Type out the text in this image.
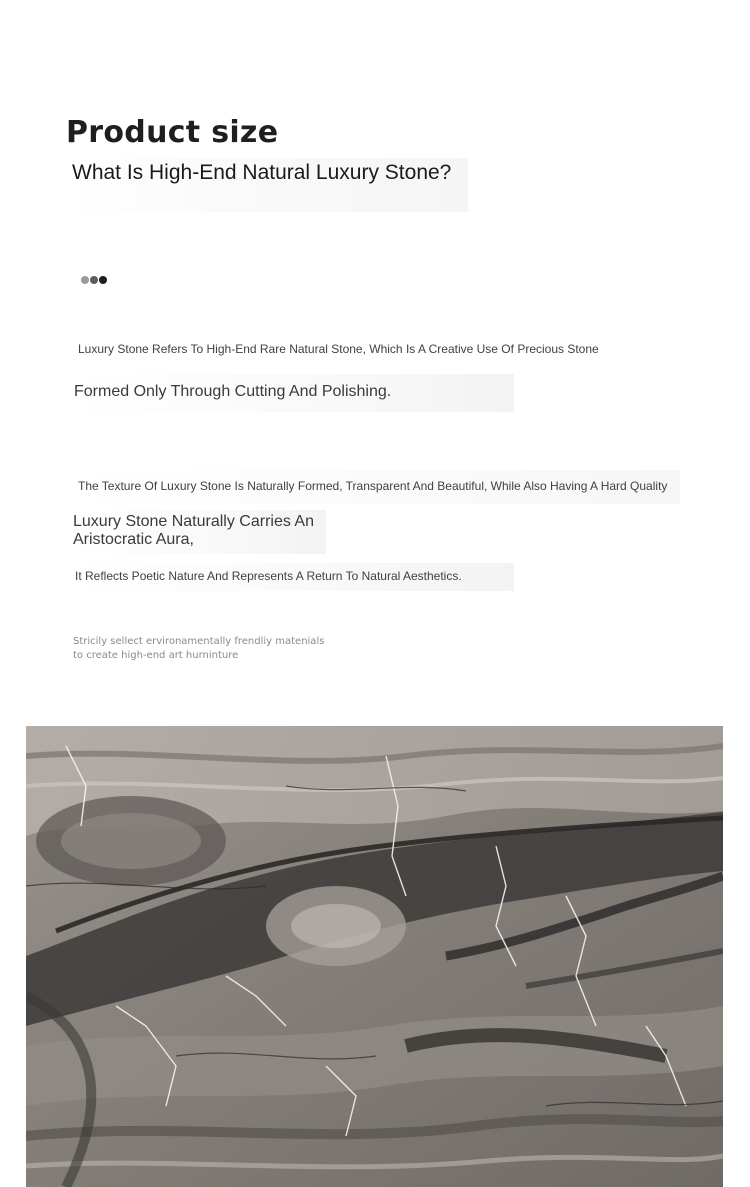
Product size
What Is High-End Natural Luxury Stone?
Luxury Stone Refers To High-End Rare Natural Stone, Which Is A Creative Use Of Precious Stone
Formed Only Through Cutting And Polishing.
The Texture Of Luxury Stone Is Naturally Formed, Transparent And Beautiful, While Also Having A Hard Quality
Luxury Stone Naturally Carries An Aristocratic Aura,
It Reflects Poetic Nature And Represents A Return To Natural Aesthetics.
Stricily sellect ervironamentally frendliy matenials
to create high-end art hurninture
